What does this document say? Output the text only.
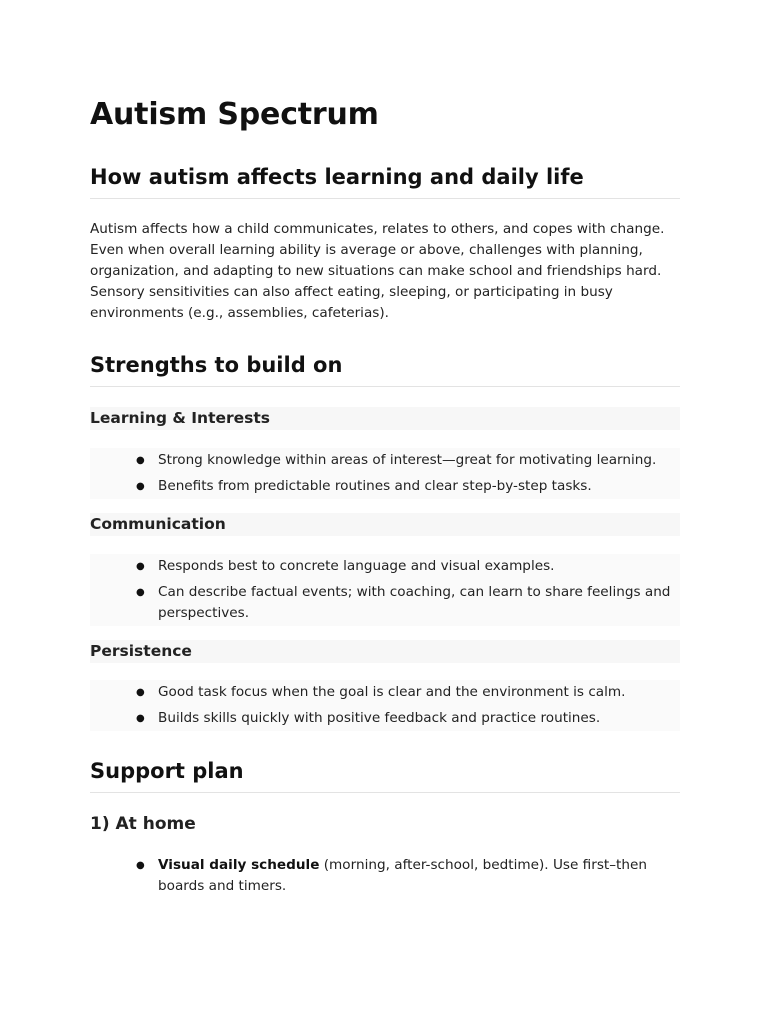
Autism Spectrum
How autism affects learning and daily life

Autism affects how a child communicates, relates to others, and copes with change. Even when overall learning ability is average or above, challenges with planning, organization, and adapting to new situations can make school and friendships hard. Sensory sensitivities can also affect eating, sleeping, or participating in busy environments (e.g., assemblies, cafeterias).

Strengths to build on
Learning & Interests
● Strong knowledge within areas of interest—great for motivating learning.
● Benefits from predictable routines and clear step-by-step tasks.
Communication
● Responds best to concrete language and visual examples.
● Can describe factual events; with coaching, can learn to share feelings and perspectives.
Persistence
● Good task focus when the goal is clear and the environment is calm.
● Builds skills quickly with positive feedback and practice routines.
Support plan
1) At home
● Visual daily schedule (morning, after-school, bedtime). Use first–then boards and timers.
